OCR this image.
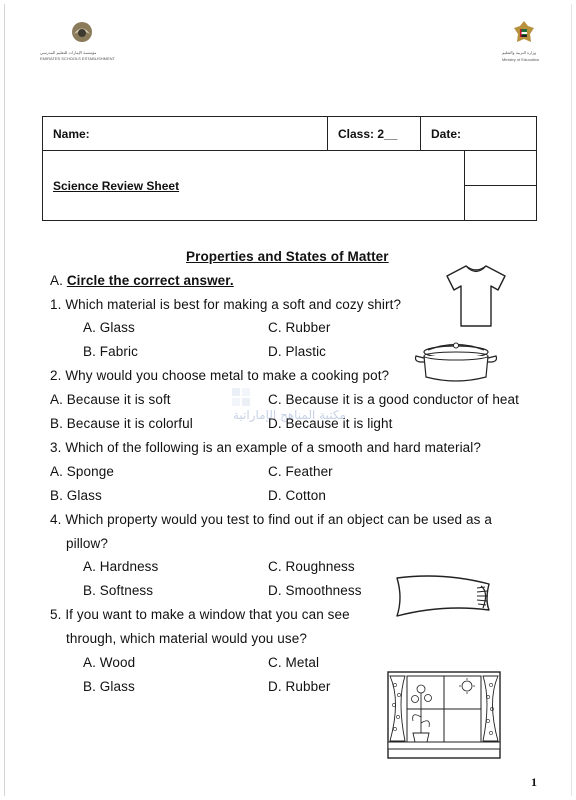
مؤسسة الإمارات للتعليم المدرسي
EMIRATES SCHOOLS ESTABLISHMENT
وزارة التربية والتعليم
Ministry of Education
Name:	Class: 2__	Date:	
Science Review Sheet			

مكتبة المناهج الإماراتية
Properties and States of Matter
A. Circle the correct answer.
1. Which material is best for making a soft and cozy shirt?
A. Glass	C. Rubber
B. Fabric	D. Plastic
2. Why would you choose metal to make a cooking pot?
A. Because it is soft	C. Because it is a good conductor of heat
B. Because it is colorful	D. Because it is light
3. Which of the following is an example of a smooth and hard material?
A. Sponge	C. Feather
B. Glass	D. Cotton
4. Which property would you test to find out if an object can be used as a
pillow?
A. Hardness	C. Roughness
B. Softness	D. Smoothness
5. If you want to make a window that you can see
through, which material would you use?
A. Wood	C. Metal
B. Glass	D. Rubber
1
